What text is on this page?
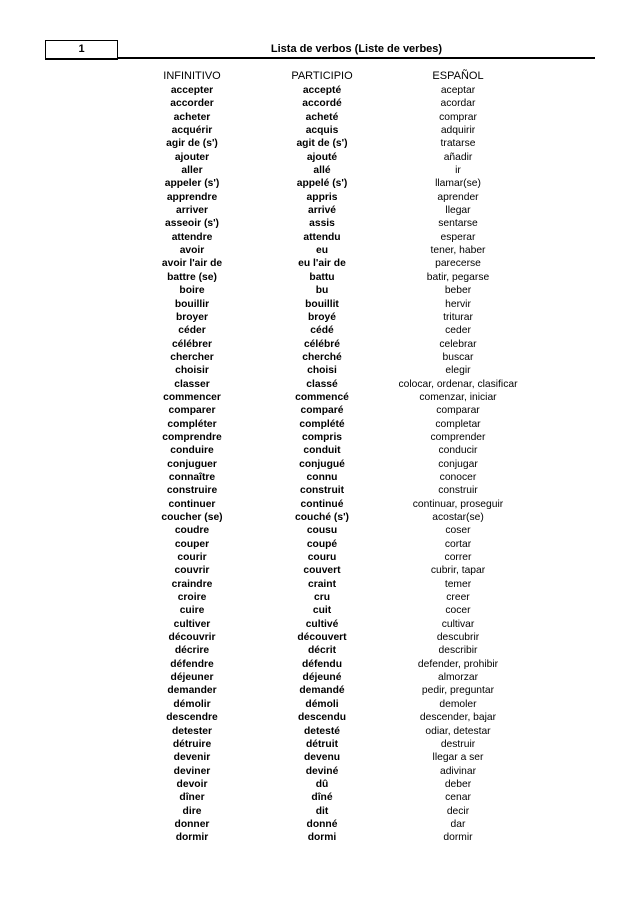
1	Lista de verbos (Liste de verbes)
INFINITIVO	PARTICIPIO	ESPAÑOL
accepter	accepté	aceptar
accorder	accordé	acordar
acheter	acheté	comprar
acquérir	acquis	adquirir
agir de (s')	agit de (s')	tratarse
ajouter	ajouté	añadir
aller	allé	ir
appeler (s')	appelé (s')	llamar(se)
apprendre	appris	aprender
arriver	arrivé	llegar
asseoir (s')	assis	sentarse
attendre	attendu	esperar
avoir	eu	tener, haber
avoir l'air de	eu l'air de	parecerse
battre (se)	battu	batir, pegarse
boire	bu	beber
bouillir	bouillit	hervir
broyer	broyé	triturar
céder	cédé	ceder
célébrer	célébré	celebrar
chercher	cherché	buscar
choisir	choisi	elegir
classer	classé	colocar, ordenar, clasificar
commencer	commencé	comenzar, iniciar
comparer	comparé	comparar
compléter	complété	completar
comprendre	compris	comprender
conduire	conduit	conducir
conjuguer	conjugué	conjugar
connaître	connu	conocer
construire	construit	construir
continuer	continué	continuar, proseguir
coucher (se)	couché (s')	acostar(se)
coudre	cousu	coser
couper	coupé	cortar
courir	couru	correr
couvrir	couvert	cubrir, tapar
craindre	craint	temer
croire	cru	creer
cuire	cuit	cocer
cultiver	cultivé	cultivar
découvrir	découvert	descubrir
décrire	décrit	describir
défendre	défendu	defender, prohibir
déjeuner	déjeuné	almorzar
demander	demandé	pedir, preguntar
démolir	démoli	demoler
descendre	descendu	descender, bajar
detester	detesté	odiar, detestar
détruire	détruit	destruir
devenir	devenu	llegar a ser
deviner	deviné	adivinar
devoir	dû	deber
dîner	dîné	cenar
dire	dit	decir
donner	donné	dar
dormir	dormi	dormir
